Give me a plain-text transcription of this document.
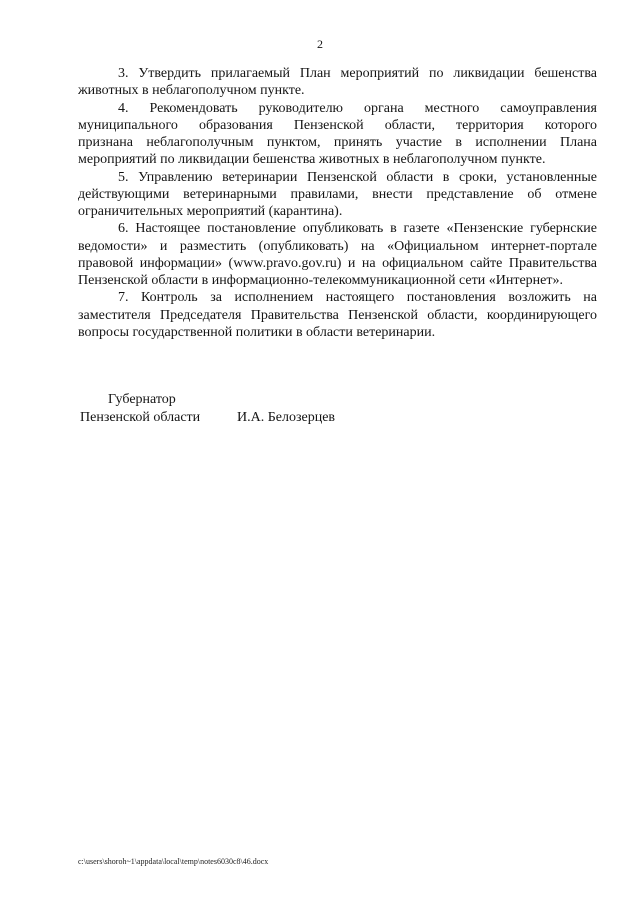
2
3. Утвердить прилагаемый План мероприятий по ликвидации бешенства
животных в неблагополучном пункте.
4. Рекомендовать руководителю органа местного самоуправления
муниципального образования Пензенской области, территория которого
признана неблагополучным пунктом, принять участие в исполнении Плана
мероприятий по ликвидации бешенства животных в неблагополучном пункте.
5. Управлению ветеринарии Пензенской области в сроки, установленные
действующими ветеринарными правилами, внести представление об отмене
ограничительных мероприятий (карантина).
6. Настоящее постановление опубликовать в газете «Пензенские губернские
ведомости» и разместить (опубликовать) на «Официальном интернет-портале
правовой информации» (www.pravo.gov.ru) и на официальном сайте Правительства
Пензенской области в информационно-телекоммуникационной сети «Интернет».
7. Контроль за исполнением настоящего постановления возложить на
заместителя Председателя Правительства Пензенской области, координирующего
вопросы государственной политики в области ветеринарии.
Губернатор
Пензенской области	И.А. Белозерцев
c:\users\shoroh~1\appdata\local\temp\notes6030c8\46.docx
